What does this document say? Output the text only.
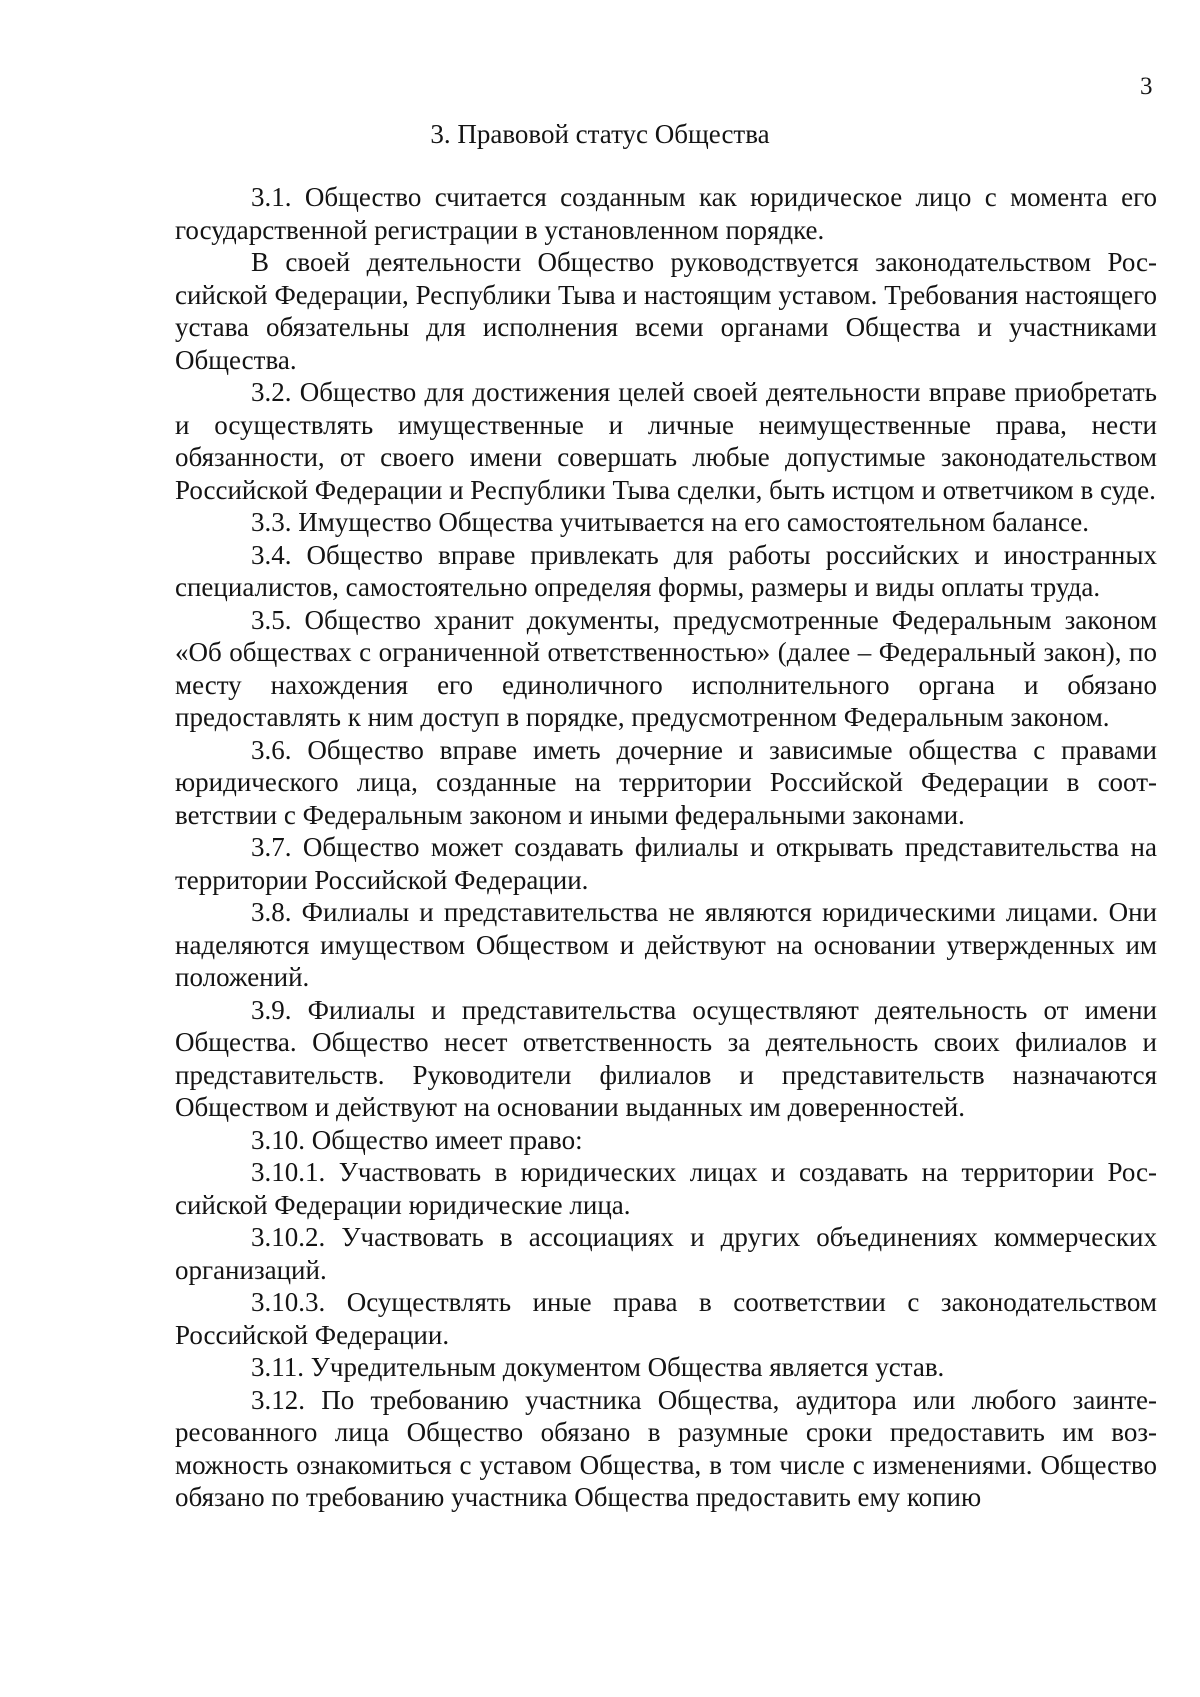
3
3. Правовой статус Общества

3.1. Общество считается созданным как юридическое лицо с момента его государственной регистрации в установленном порядке.

В своей деятельности Общество руководствуется законодательством Российской Федерации, Республики Тыва и настоящим уставом. Требования настоящего устава обязательны для исполнения всеми органами Общества и участниками Общества.

3.2. Общество для достижения целей своей деятельности вправе приобретать и осуществлять имущественные и личные неимущественные права, нести обязанности, от своего имени совершать любые допустимые законодательством Российской Федерации и Республики Тыва сделки, быть истцом и ответчиком в суде.

3.3. Имущество Общества учитывается на его самостоятельном балансе.

3.4. Общество вправе привлекать для работы российских и иностранных специалистов, самостоятельно определяя формы, размеры и виды оплаты труда.

3.5. Общество хранит документы, предусмотренные Федеральным законом «Об обществах с ограниченной ответственностью» (далее – Федеральный закон), по месту нахождения его единоличного исполнительного органа и обязано предоставлять к ним доступ в порядке, предусмотренном Федеральным законом.

3.6. Общество вправе иметь дочерние и зависимые общества с правами юридического лица, созданные на территории Российской Федерации в соответствии с Федеральным законом и иными федеральными законами.

3.7. Общество может создавать филиалы и открывать представительства на территории Российской Федерации.

3.8. Филиалы и представительства не являются юридическими лицами. Они наделяются имуществом Обществом и действуют на основании утвержденных им положений.

3.9. Филиалы и представительства осуществляют деятельность от имени Общества. Общество несет ответственность за деятельность своих филиалов и представительств. Руководители филиалов и представительств назначаются Обществом и действуют на основании выданных им доверенностей.

3.10. Общество имеет право:

3.10.1. Участвовать в юридических лицах и создавать на территории Российской Федерации юридические лица.

3.10.2. Участвовать в ассоциациях и других объединениях коммерческих организаций.

3.10.3. Осуществлять иные права в соответствии с законодательством Российской Федерации.

3.11. Учредительным документом Общества является устав.

3.12. По требованию участника Общества, аудитора или любого заинтересованного лица Общество обязано в разумные сроки предоставить им возможность ознакомиться с уставом Общества, в том числе с изменениями. Общество обязано по требованию участника Общества предоставить ему копию
